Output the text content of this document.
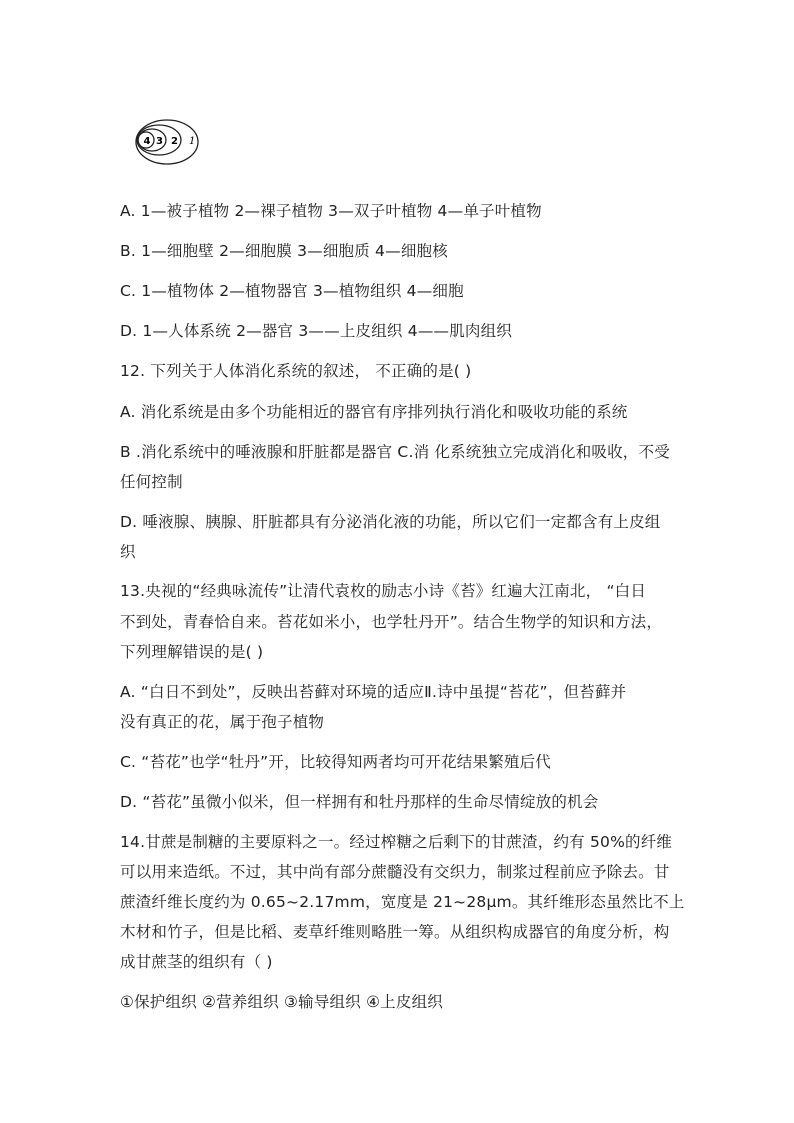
4 3 2 1
A. 1—被子植物 2—裸子植物 3—双子叶植物 4—单子叶植物
B. 1—细胞壁 2—细胞膜 3—细胞质 4—细胞核
C. 1—植物体 2—植物器官 3—植物组织 4—细胞
D. 1—人体系统 2—器官 3——上皮组织 4——肌肉组织
12. 下列关于人体消化系统的叙述， 不正确的是( )
A. 消化系统是由多个功能相近的器官有序排列执行消化和吸收功能的系统
B .消化系统中的唾液腺和肝脏都是器官 C.消 化系统独立完成消化和吸收，不受
任何控制
D. 唾液腺、胰腺、肝脏都具有分泌消化液的功能，所以它们一定都含有上皮组
织
13.央视的“经典咏流传”让清代袁枚的励志小诗《苔》红遍大江南北， “白日
不到处，青春恰自来。苔花如米小，也学牡丹开”。结合生物学的知识和方法，
下列理解错误的是( )
A. “白日不到处”，反映出苔藓对环境的适应Ⅱ.诗中虽提“苔花”，但苔藓并
没有真正的花，属于孢子植物
C. “苔花”也学“牡丹”开，比较得知两者均可开花结果繁殖后代
D. “苔花”虽微小似米，但一样拥有和牡丹那样的生命尽情绽放的机会
14.甘蔗是制糖的主要原料之一。经过榨糖之后剩下的甘蔗渣，约有 50%的纤维
可以用来造纸。不过，其中尚有部分蔗髓没有交织力，制浆过程前应予除去。甘
蔗渣纤维长度约为 0.65~2.17mm，宽度是 21~28μm。其纤维形态虽然比不上
木材和竹子，但是比稻、麦草纤维则略胜一筹。从组织构成器官的角度分析，构
成甘蔗茎的组织有（ )
①保护组织 ②营养组织 ③输导组织 ④上皮组织
